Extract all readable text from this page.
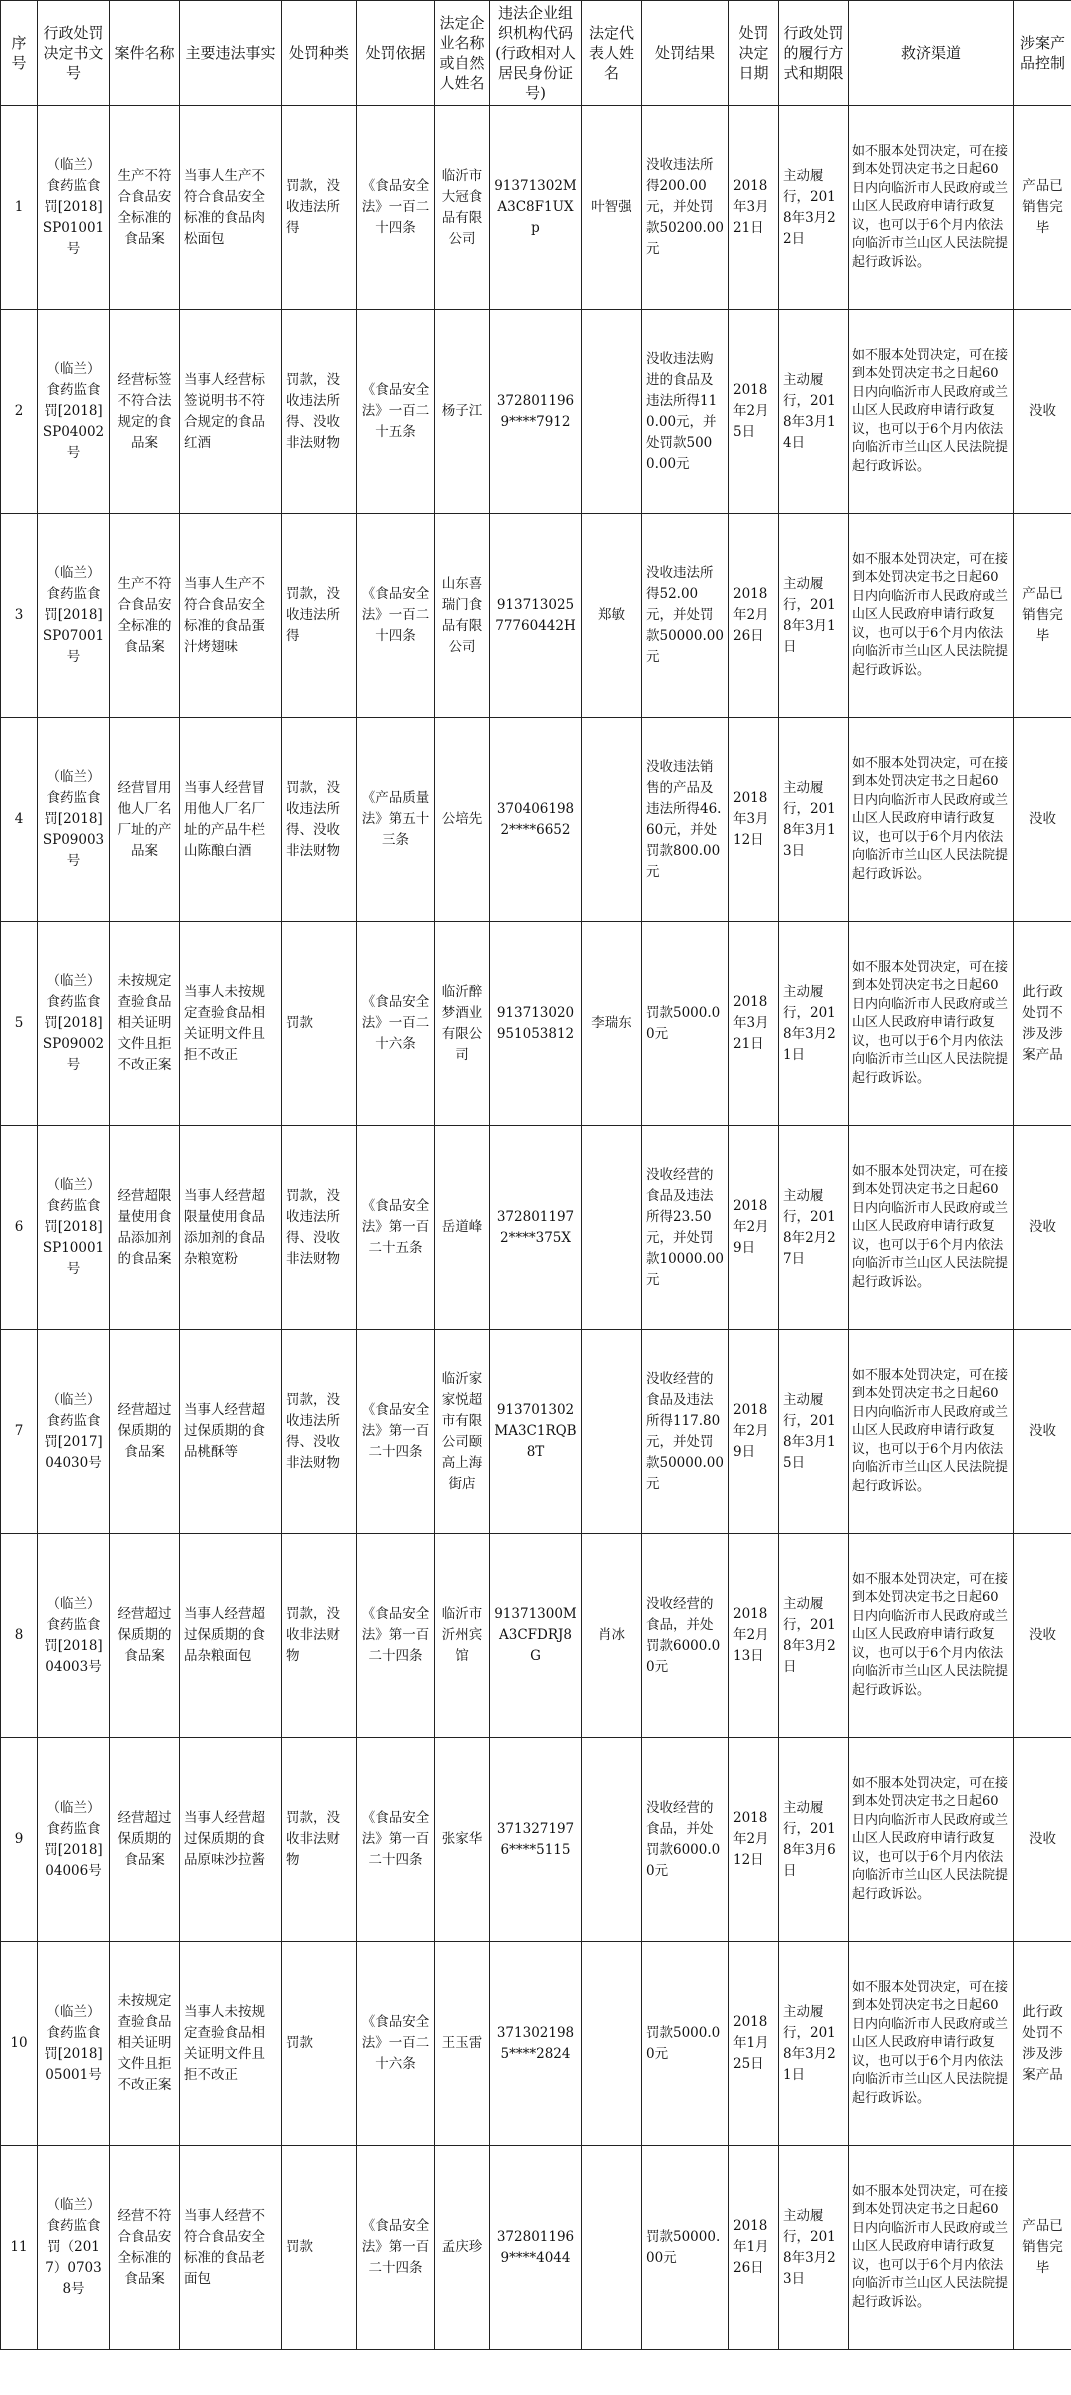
序号	行政处罚决定书文号	案件名称	主要违法事实	处罚种类	处罚依据	法定企业名称或自然人姓名	违法企业组织机构代码(行政相对人居民身份证号)	法定代表人姓名	处罚结果	处罚决定日期	行政处罚的履行方式和期限	救济渠道	涉案产品控制
1	（临兰）食药监食罚[2018]SP01001号	生产不符合食品安全标准的食品案	当事人生产不符合食品安全标准的食品肉松面包	罚款，没收违法所得	《食品安全法》一百二十四条	临沂市大冠食品有限公司	91371302MA3C8F1UXp	叶智强	没收违法所得200.00元，并处罚款50200.00元	2018年3月21日	主动履行，2018年3月22日	如不服本处罚决定，可在接到本处罚决定书之日起60日内向临沂市人民政府或兰山区人民政府申请行政复议，也可以于6个月内依法向临沂市兰山区人民法院提起行政诉讼。	产品已销售完毕
2	（临兰）食药监食罚[2018]SP04002号	经营标签不符合法规定的食品案	当事人经营标签说明书不符合规定的食品红酒	罚款，没收违法所得、没收非法财物	《食品安全法》一百二十五条	杨子江	3728011969****7912		没收违法购进的食品及违法所得110.00元，并处罚款5000.00元	2018年2月5日	主动履行，2018年3月14日	如不服本处罚决定，可在接到本处罚决定书之日起60日内向临沂市人民政府或兰山区人民政府申请行政复议，也可以于6个月内依法向临沂市兰山区人民法院提起行政诉讼。	没收
3	（临兰）食药监食罚[2018]SP07001号	生产不符合食品安全标准的食品案	当事人生产不符合食品安全标准的食品蛋汁烤翅味	罚款，没收违法所得	《食品安全法》一百二十四条	山东喜瑞门食品有限公司	91371302577760442H	郑敏	没收违法所得52.00元，并处罚款50000.00元	2018年2月26日	主动履行，2018年3月1日	如不服本处罚决定，可在接到本处罚决定书之日起60日内向临沂市人民政府或兰山区人民政府申请行政复议，也可以于6个月内依法向临沂市兰山区人民法院提起行政诉讼。	产品已销售完毕
4	（临兰）食药监食罚[2018]SP09003号	经营冒用他人厂名厂址的产品案	当事人经营冒用他人厂名厂址的产品牛栏山陈酿白酒	罚款，没收违法所得、没收非法财物	《产品质量法》第五十三条	公培先	3704061982****6652		没收违法销售的产品及违法所得46.60元，并处罚款800.00元	2018年3月12日	主动履行，2018年3月13日	如不服本处罚决定，可在接到本处罚决定书之日起60日内向临沂市人民政府或兰山区人民政府申请行政复议，也可以于6个月内依法向临沂市兰山区人民法院提起行政诉讼。	没收
5	（临兰）食药监食罚[2018]SP09002号	未按规定查验食品相关证明文件且拒不改正案	当事人未按规定查验食品相关证明文件且拒不改正	罚款	《食品安全法》一百二十六条	临沂醉梦酒业有限公司	913713020951053812	李瑞东	罚款5000.00元	2018年3月21日	主动履行，2018年3月21日	如不服本处罚决定，可在接到本处罚决定书之日起60日内向临沂市人民政府或兰山区人民政府申请行政复议，也可以于6个月内依法向临沂市兰山区人民法院提起行政诉讼。	此行政处罚不涉及涉案产品
6	（临兰）食药监食罚[2018]SP10001号	经营超限量使用食品添加剂的食品案	当事人经营超限量使用食品添加剂的食品杂粮宽粉	罚款，没收违法所得、没收非法财物	《食品安全法》第一百二十五条	岳道峰	3728011972****375X		没收经营的食品及违法所得23.50元，并处罚款10000.00元	2018年2月9日	主动履行，2018年2月27日	如不服本处罚决定，可在接到本处罚决定书之日起60日内向临沂市人民政府或兰山区人民政府申请行政复议，也可以于6个月内依法向临沂市兰山区人民法院提起行政诉讼。	没收
7	（临兰）食药监食罚[2017]04030号	经营超过保质期的食品案	当事人经营超过保质期的食品桃酥等	罚款，没收违法所得、没收非法财物	《食品安全法》第一百二十四条	临沂家家悦超市有限公司颐高上海街店	913701302MA3C1RQB8T		没收经营的食品及违法所得117.80元，并处罚款50000.00元	2018年2月9日	主动履行，2018年3月15日	如不服本处罚决定，可在接到本处罚决定书之日起60日内向临沂市人民政府或兰山区人民政府申请行政复议，也可以于6个月内依法向临沂市兰山区人民法院提起行政诉讼。	没收
8	（临兰）食药监食罚[2018]04003号	经营超过保质期的食品案	当事人经营超过保质期的食品杂粮面包	罚款，没收非法财物	《食品安全法》第一百二十四条	临沂市沂州宾馆	91371300MA3CFDRJ8G	肖冰	没收经营的食品，并处罚款6000.00元	2018年2月13日	主动履行，2018年3月2日	如不服本处罚决定，可在接到本处罚决定书之日起60日内向临沂市人民政府或兰山区人民政府申请行政复议，也可以于6个月内依法向临沂市兰山区人民法院提起行政诉讼。	没收
9	（临兰）食药监食罚[2018]04006号	经营超过保质期的食品案	当事人经营超过保质期的食品原味沙拉酱	罚款，没收非法财物	《食品安全法》第一百二十四条	张家华	3713271976****5115		没收经营的食品，并处罚款6000.00元	2018年2月12日	主动履行，2018年3月6日	如不服本处罚决定，可在接到本处罚决定书之日起60日内向临沂市人民政府或兰山区人民政府申请行政复议，也可以于6个月内依法向临沂市兰山区人民法院提起行政诉讼。	没收
10	（临兰）食药监食罚[2018]05001号	未按规定查验食品相关证明文件且拒不改正案	当事人未按规定查验食品相关证明文件且拒不改正	罚款	《食品安全法》一百二十六条	王玉雷	3713021985****2824		罚款5000.00元	2018年1月25日	主动履行，2018年3月21日	如不服本处罚决定，可在接到本处罚决定书之日起60日内向临沂市人民政府或兰山区人民政府申请行政复议，也可以于6个月内依法向临沂市兰山区人民法院提起行政诉讼。	此行政处罚不涉及涉案产品
11	（临兰）食药监食罚（2017）07038号	经营不符合食品安全标准的食品案	当事人经营不符合食品安全标准的食品老面包	罚款	《食品安全法》第一百二十四条	孟庆珍	3728011969****4044		罚款50000.00元	2018年1月26日	主动履行，2018年3月23日	如不服本处罚决定，可在接到本处罚决定书之日起60日内向临沂市人民政府或兰山区人民政府申请行政复议，也可以于6个月内依法向临沂市兰山区人民法院提起行政诉讼。	产品已销售完毕
